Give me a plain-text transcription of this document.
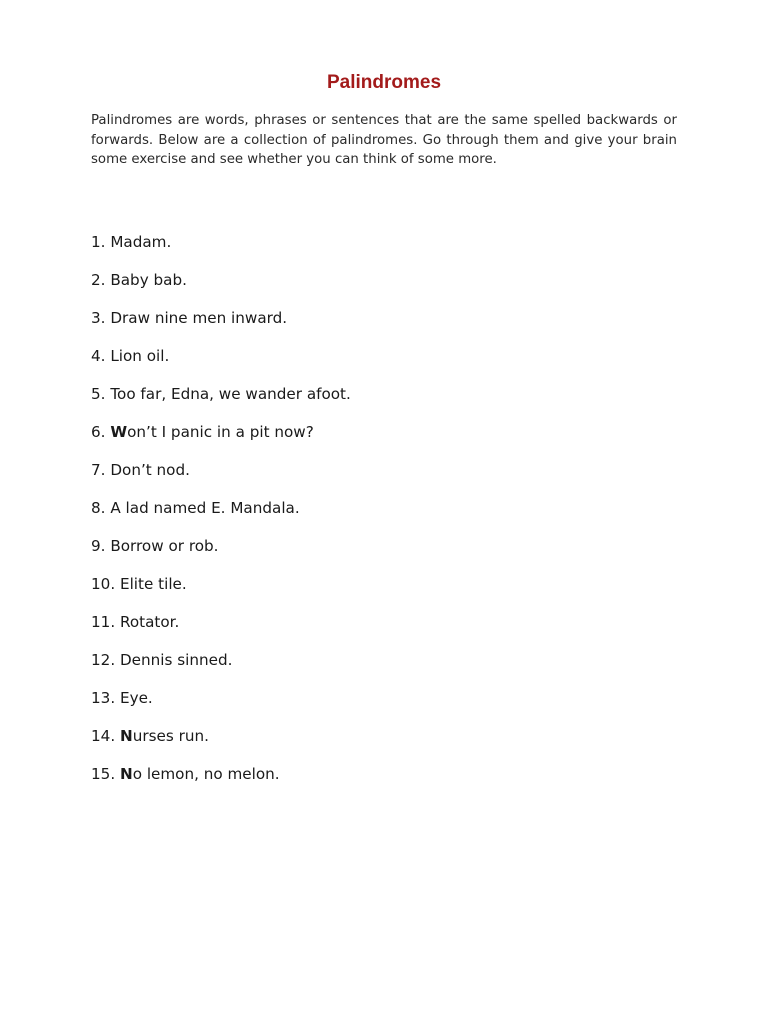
Palindromes
Palindromes are words, phrases or sentences that are the same spelled backwards or forwards. Below are a collection of palindromes. Go through them and give your brain some exercise and see whether you can think of some more.
1. Madam.
2. Baby bab.
3. Draw nine men inward.
4. Lion oil.
5. Too far, Edna, we wander afoot.
6. Won’t I panic in a pit now?
7. Don’t nod.
8. A lad named E. Mandala.
9. Borrow or rob.
10. Elite tile.
11. Rotator.
12. Dennis sinned.
13. Eye.
14. Nurses run.
15. No lemon, no melon.
